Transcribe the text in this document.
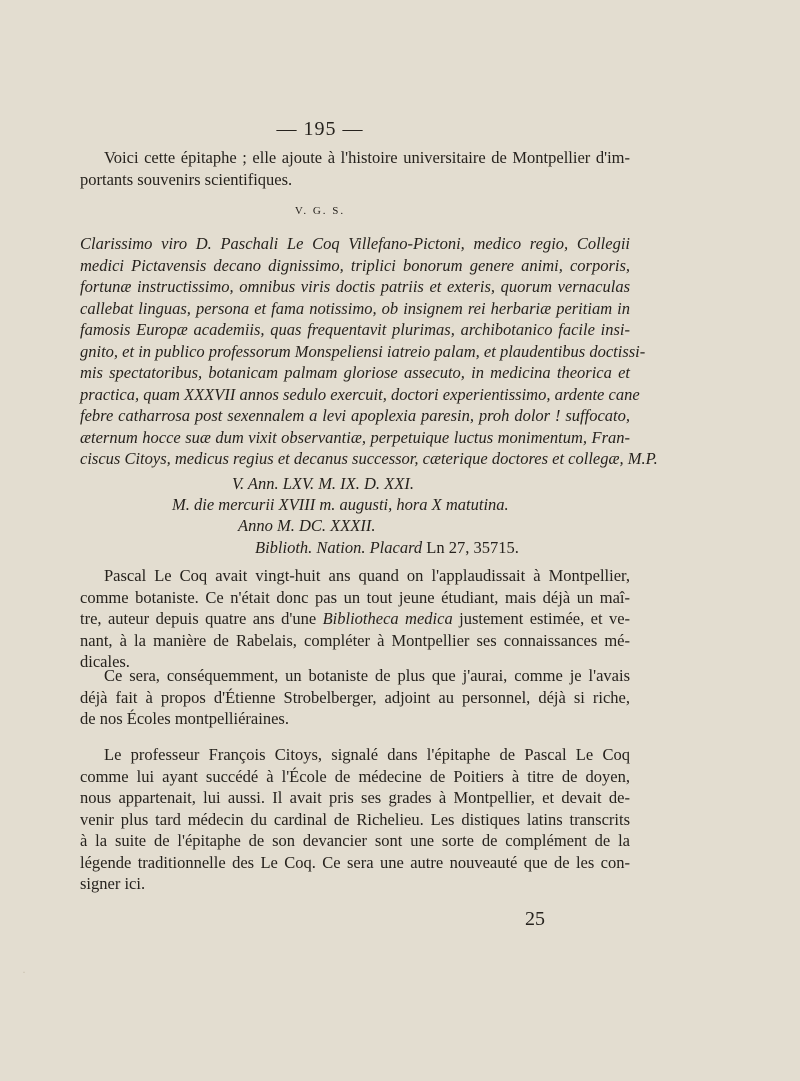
— 195 —
Voici cette épitaphe ; elle ajoute à l'histoire universitaire de Montpellier d'im-
portants souvenirs scientifiques.
V. G. S.
Clarissimo viro D. Paschali Le Coq Villefano-Pictoni, medico regio, Collegii
medici Pictavensis decano dignissimo, triplici bonorum genere animi, corporis,
fortunæ instructissimo, omnibus viris doctis patriis et exteris, quorum vernaculas
callebat linguas, persona et fama notissimo, ob insignem rei herbariæ peritiam in
famosis Europæ academiis, quas frequentavit plurimas, archibotanico facile insi-
gnito, et in publico professorum Monspeliensi iatreio palam, et plaudentibus doctissi-
mis spectatoribus, botanicam palmam gloriose assecuto, in medicina theorica et
practica, quam XXXVII annos sedulo exercuit, doctori experientissimo, ardente cane
febre catharrosa post sexennalem a levi apoplexia paresin, proh dolor ! suffocato,
æternum hocce suæ dum vixit observantiæ, perpetuique luctus monimentum, Fran-
ciscus Citoys, medicus regius et decanus successor, cæterique doctores et collegæ, M.P.
V. Ann. LXV. M. IX. D. XXI.
M. die mercurii XVIII m. augusti, hora X matutina.
Anno M. DC. XXXII.
Biblioth. Nation. Placard Ln 27, 35715.
Pascal Le Coq avait vingt-huit ans quand on l'applaudissait à Montpellier,
comme botaniste. Ce n'était donc pas un tout jeune étudiant, mais déjà un maî-
tre, auteur depuis quatre ans d'une Bibliotheca medica justement estimée, et ve-
nant, à la manière de Rabelais, compléter à Montpellier ses connaissances mé-
dicales.
Ce sera, conséquemment, un botaniste de plus que j'aurai, comme je l'avais
déjà fait à propos d'Étienne Strobelberger, adjoint au personnel, déjà si riche,
de nos Écoles montpelliéraines.
Le professeur François Citoys, signalé dans l'épitaphe de Pascal Le Coq
comme lui ayant succédé à l'École de médecine de Poitiers à titre de doyen,
nous appartenait, lui aussi. Il avait pris ses grades à Montpellier, et devait de-
venir plus tard médecin du cardinal de Richelieu. Les distiques latins transcrits
à la suite de l'épitaphe de son devancier sont une sorte de complément de la
légende traditionnelle des Le Coq. Ce sera une autre nouveauté que de les con-
signer ici.
25
·
